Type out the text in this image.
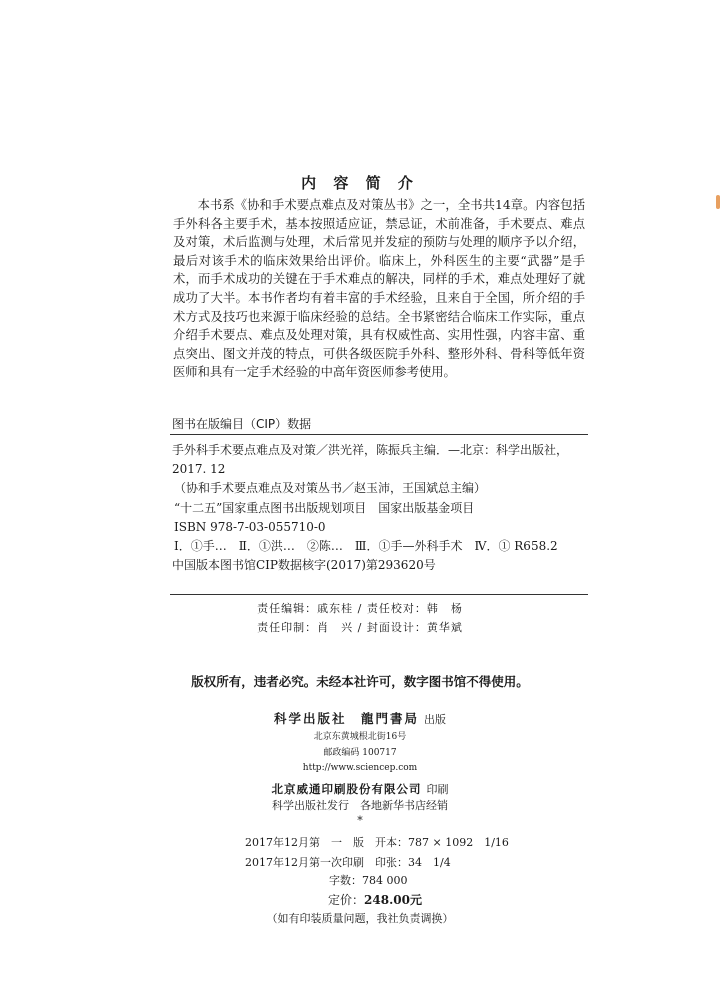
内 容 简 介

本书系《协和手术要点难点及对策丛书》之一，全书共14章。内容包括手外科各主要手术，基本按照适应证，禁忌证，术前准备，手术要点、难点及对策，术后监测与处理，术后常见并发症的预防与处理的顺序予以介绍，最后对该手术的临床效果给出评价。临床上，外科医生的主要“武器”是手术，而手术成功的关键在于手术难点的解决，同样的手术，难点处理好了就成功了大半。本书作者均有着丰富的手术经验，且来自于全国，所介绍的手术方式及技巧也来源于临床经验的总结。全书紧密结合临床工作实际，重点介绍手术要点、难点及处理对策，具有权威性高、实用性强，内容丰富、重点突出、图文并茂的特点，可供各级医院手外科、整形外科、骨科等低年资医师和具有一定手术经验的中高年资医师参考使用。

图书在版编目（CIP）数据
手外科手术要点难点及对策／洪光祥，陈振兵主编．—北京：科学出版社，
2017. 12
（协和手术要点难点及对策丛书／赵玉沛，王国斌总主编）
“十二五”国家重点图书出版规划项目　国家出版基金项目
ISBN 978-7-03-055710-0
Ⅰ．①手…　Ⅱ．①洪…　②陈…　Ⅲ．①手—外科手术　Ⅳ．① R658.2
中国版本图书馆CIP数据核字(2017)第293620号
责任编辑：戚东桂 / 责任校对：韩　杨
责任印制：肖　兴 / 封面设计：黄华斌
版权所有，违者必究。未经本社许可，数字图书馆不得使用。
科学出版社　龍門書局 出版
北京东黄城根北街16号
邮政编码 100717
http://www.sciencep.com
北京威通印刷股份有限公司 印刷
科学出版社发行　各地新华书店经销
*
2017年12月第　一　版　开本：787 × 1092　1/16
2017年12月第一次印刷　印张：34　1/4
字数：784 000
定价：248.00元
（如有印装质量问题，我社负责调换）
